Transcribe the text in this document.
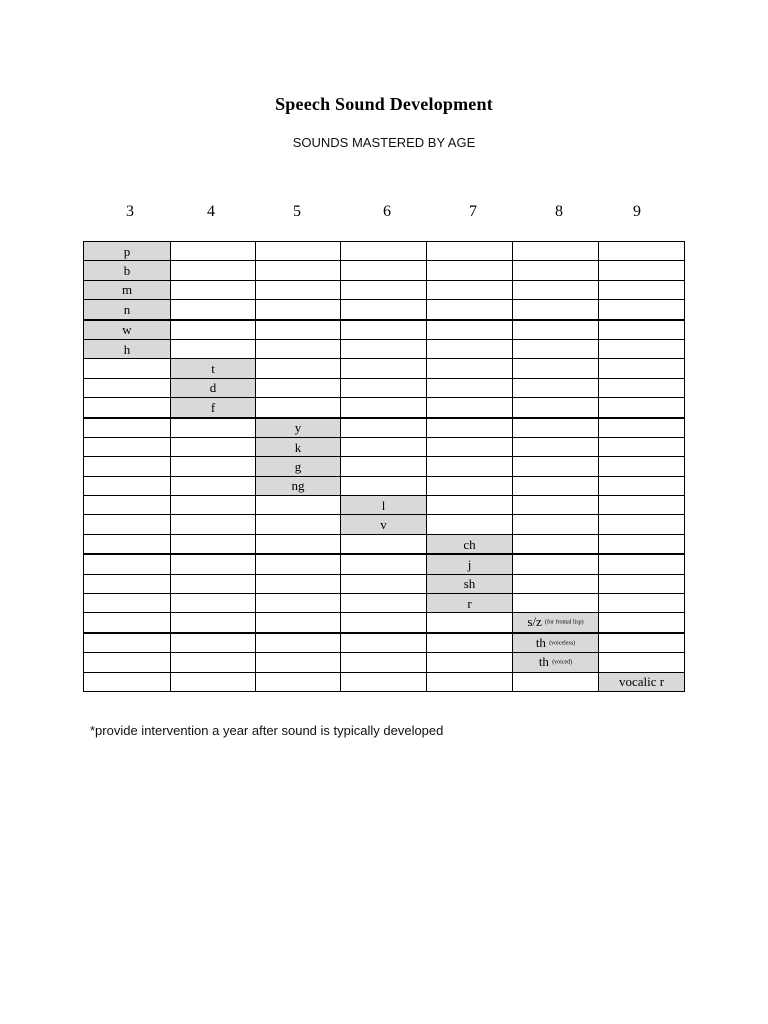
Speech Sound Development
SOUNDS MASTERED BY AGE
3	4	5	6	7	8	9
p						
b						
m						
n						
w						
h						
	t					
	d					
	f					
		y				
		k				
		g				
		ng				
			l			
			v			
				ch		
				j		
				sh		
				r		
					s/z (for frontal lisp)	
					th (voiceless)	
					th (voiced)	
						vocalic r
*provide intervention a year after sound is typically developed
